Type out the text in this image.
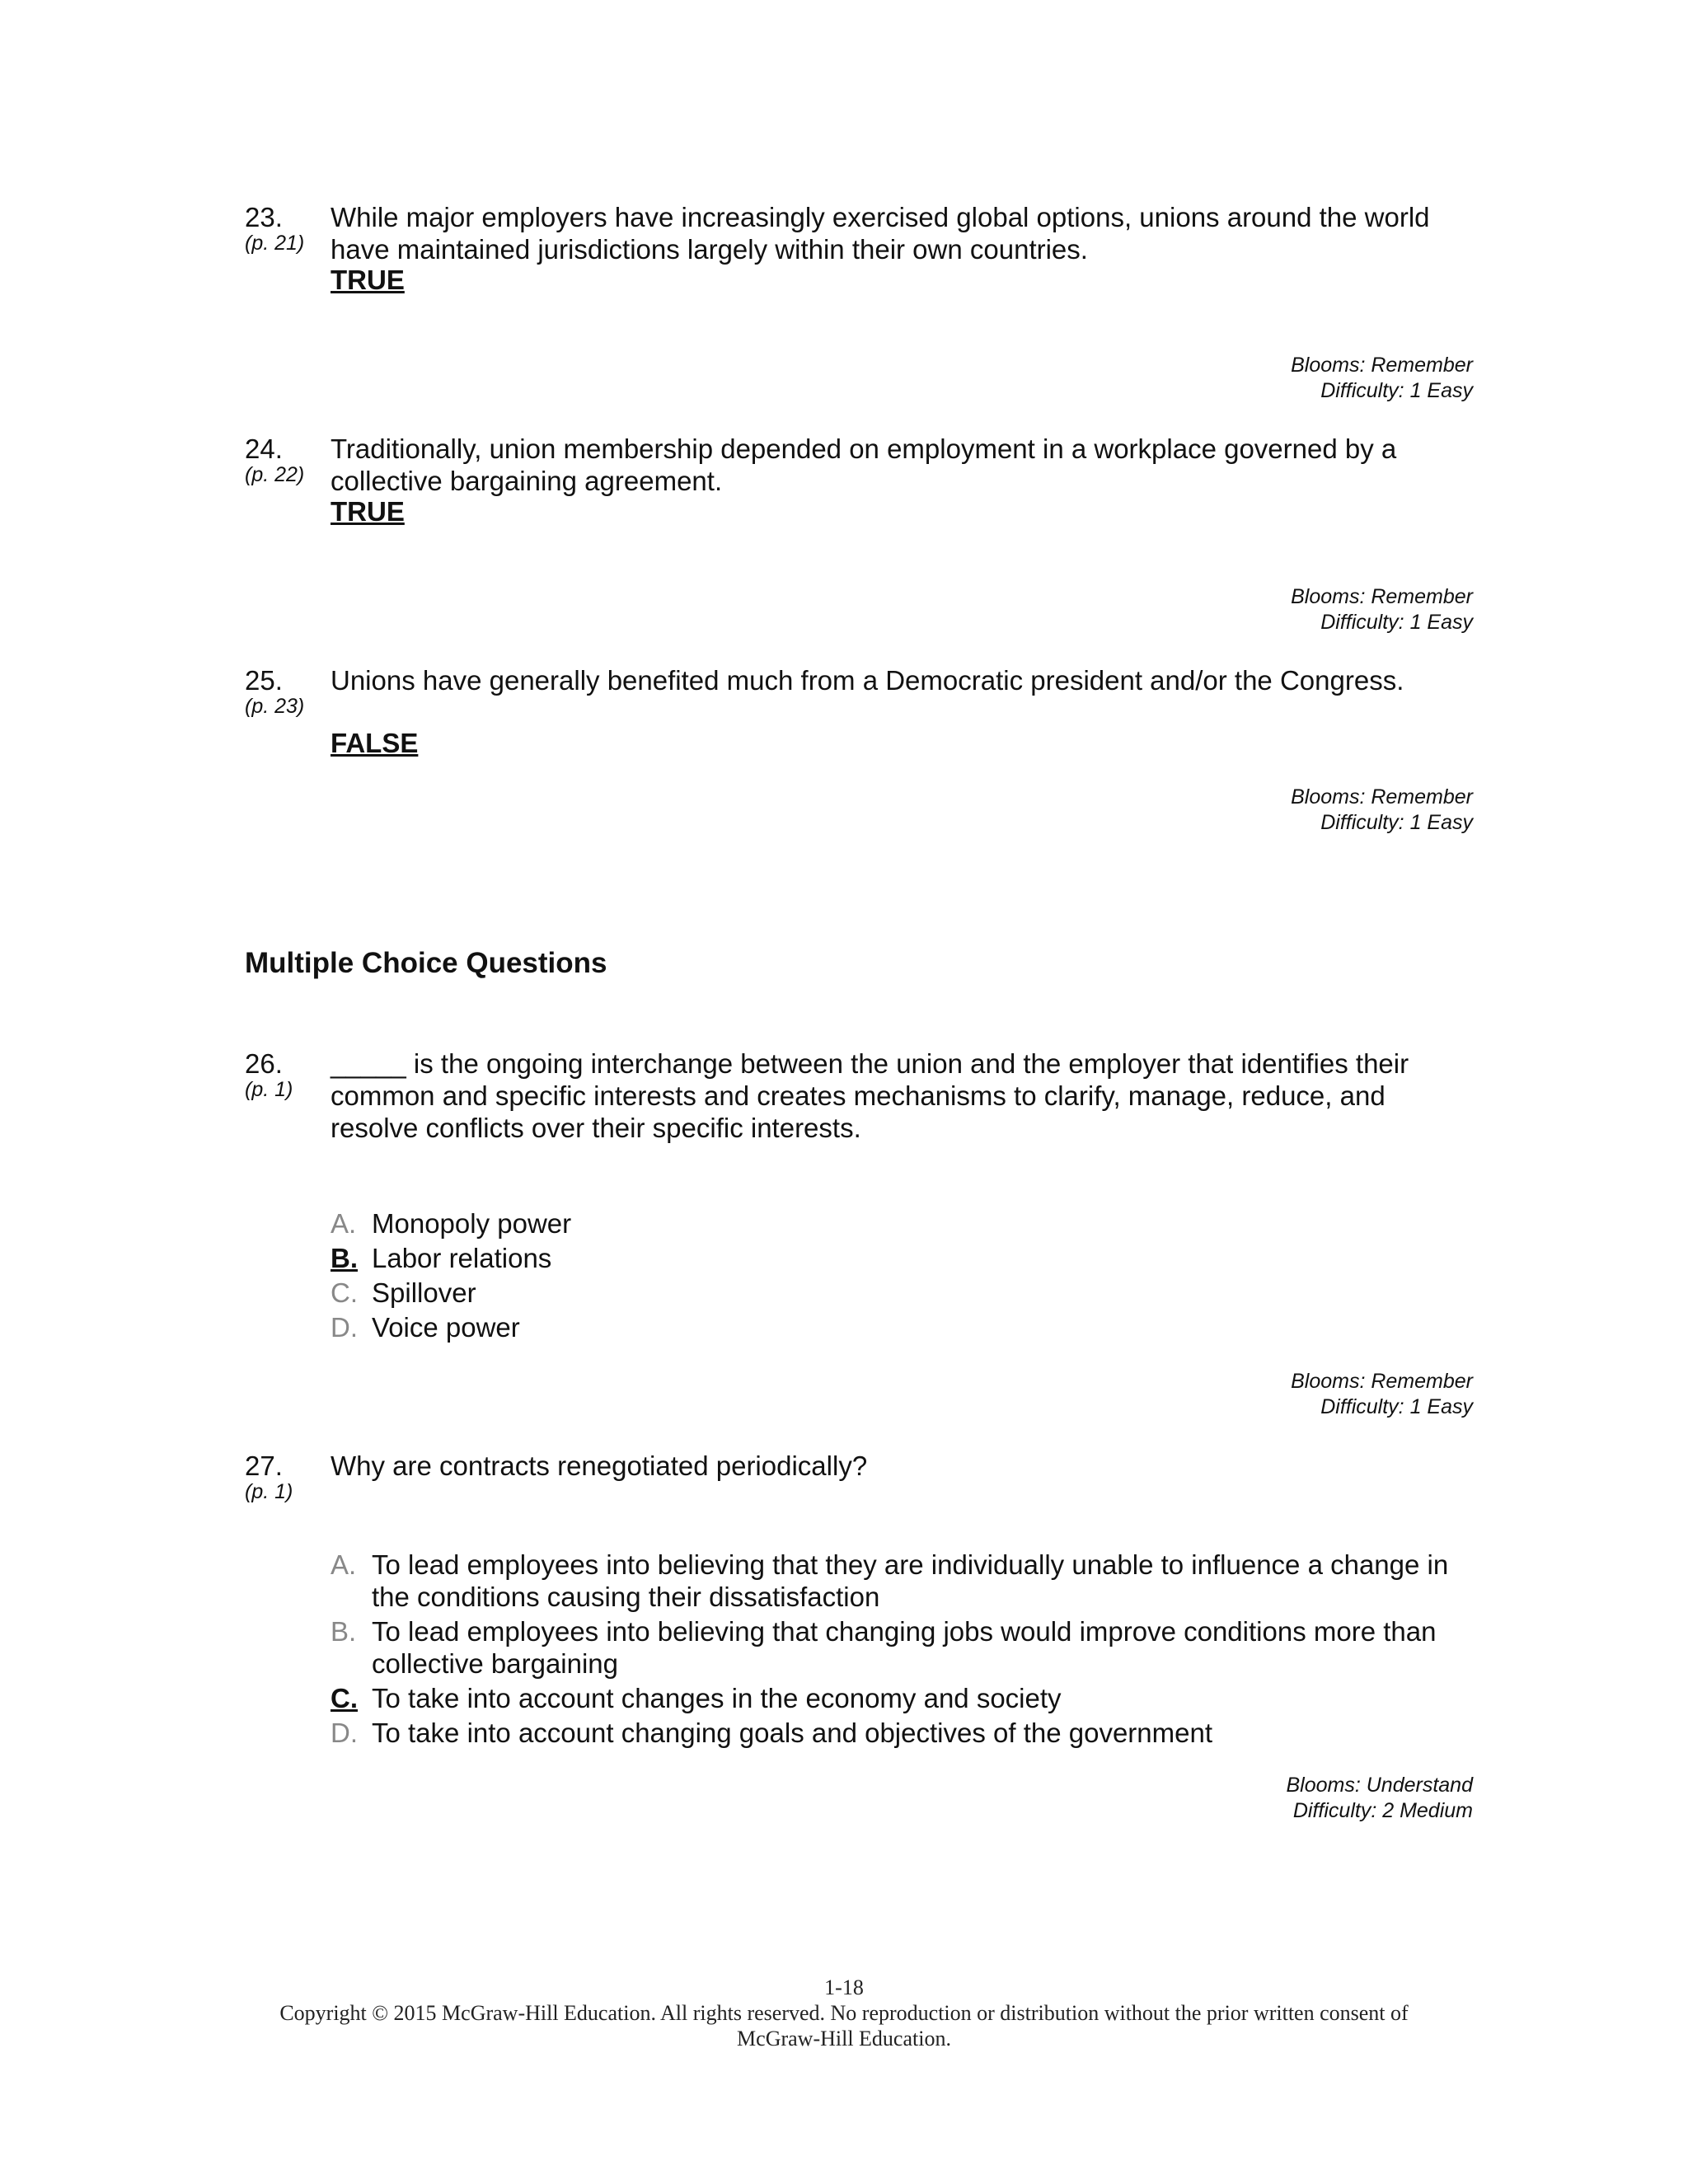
23.
(p. 21)
While major employers have increasingly exercised global options, unions around the world have maintained jurisdictions largely within their own countries.
TRUE
Blooms: Remember
Difficulty: 1 Easy
24.
(p. 22)
Traditionally, union membership depended on employment in a workplace governed by a collective bargaining agreement.
TRUE
Blooms: Remember
Difficulty: 1 Easy
25.
(p. 23)
Unions have generally benefited much from a Democratic president and/or the Congress.
FALSE
Blooms: Remember
Difficulty: 1 Easy
Multiple Choice Questions
26.
(p. 1)
_____ is the ongoing interchange between the union and the employer that identifies their common and specific interests and creates mechanisms to clarify, manage, reduce, and resolve conflicts over their specific interests.
A. Monopoly power
B. Labor relations
C. Spillover
D. Voice power
Blooms: Remember
Difficulty: 1 Easy
27.
(p. 1)
Why are contracts renegotiated periodically?
A. To lead employees into believing that they are individually unable to influence a change in the conditions causing their dissatisfaction
B. To lead employees into believing that changing jobs would improve conditions more than collective bargaining
C. To take into account changes in the economy and society
D. To take into account changing goals and objectives of the government
Blooms: Understand
Difficulty: 2 Medium
1-18
Copyright © 2015 McGraw-Hill Education. All rights reserved. No reproduction or distribution without the prior written consent of
McGraw-Hill Education.
